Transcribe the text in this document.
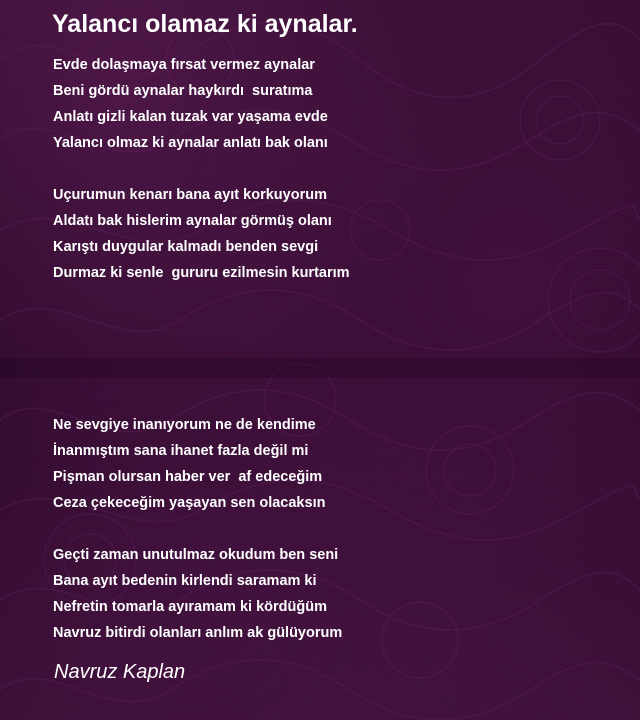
Yalancı olamaz ki aynalar.

Evde dolaşmaya fırsat vermez aynalar

Beni gördü aynalar haykırdı  suratıma

Anlatı gizli kalan tuzak var yaşama evde

Yalancı olmaz ki aynalar anlatı bak olanı

Uçurumun kenarı bana ayıt korkuyorum

Aldatı bak hislerim aynalar görmüş olanı

Karıştı duygular kalmadı benden sevgi

Durmaz ki senle  gururu ezilmesin kurtarım

Ne sevgiye inanıyorum ne de kendime

İnanmıştım sana ihanet fazla değil mi

Pişman olursan haber ver  af edeceğim

Ceza çekeceğim yaşayan sen olacaksın

Geçti zaman unutulmaz okudum ben seni

Bana ayıt bedenin kirlendi saramam ki

Nefretin tomarla ayıramam ki kördüğüm

Navruz bitirdi olanları anlım ak gülüyorum

Navruz Kaplan
